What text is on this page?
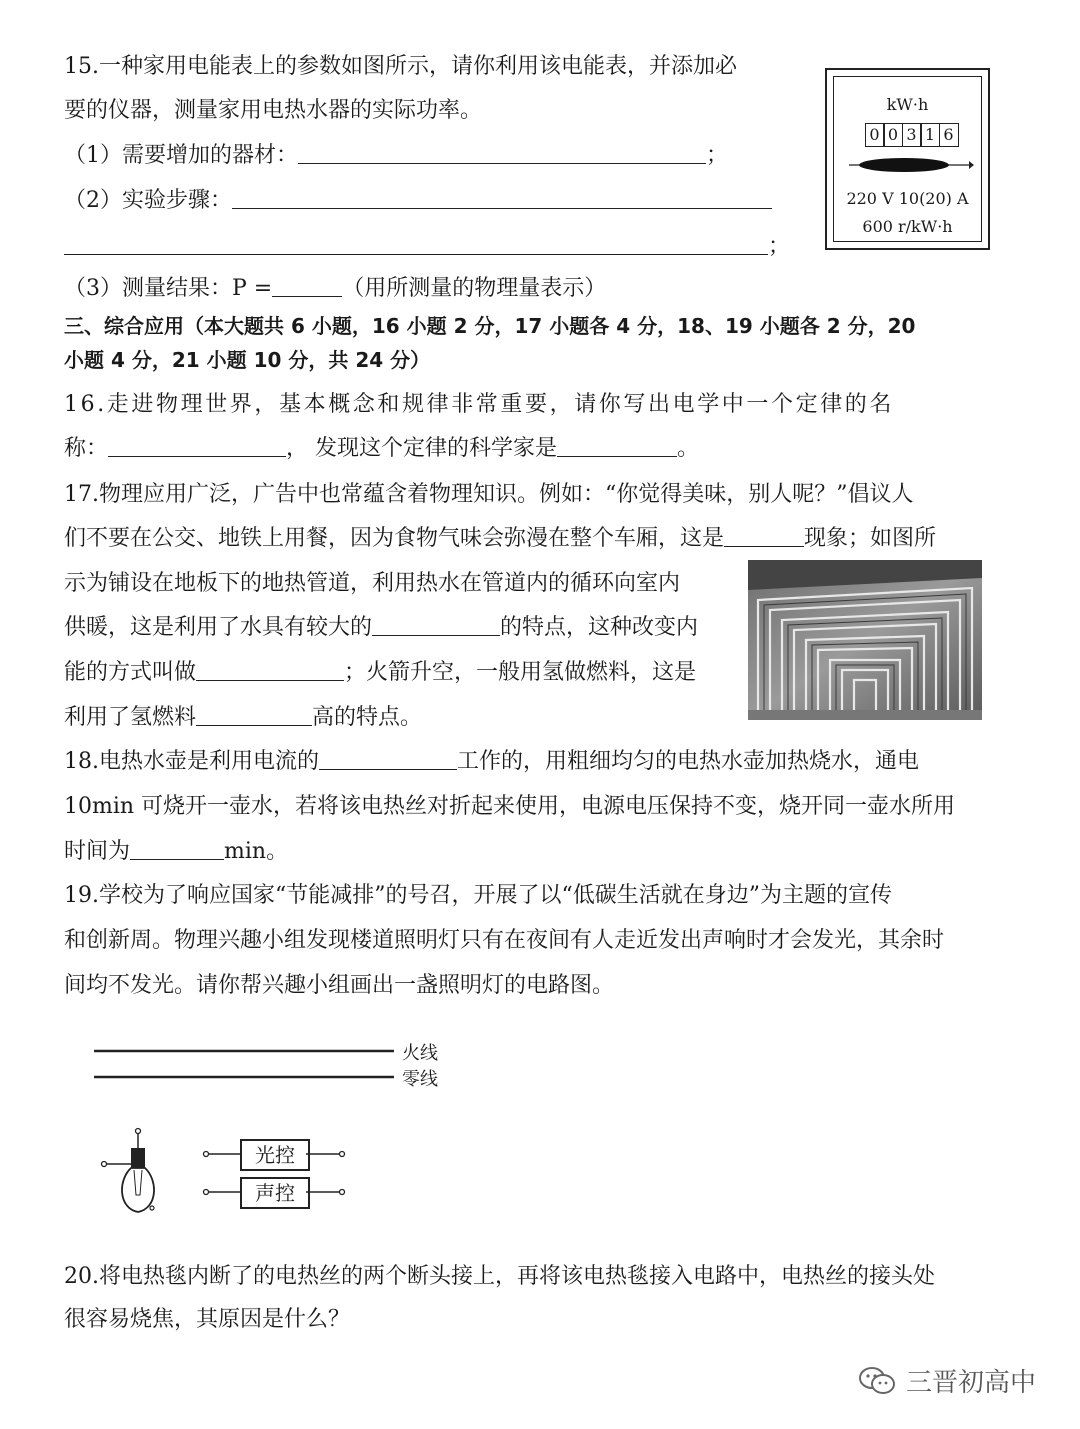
15.一种家用电能表上的参数如图所示，请你利用该电能表，并添加必
要的仪器，测量家用电热水器的实际功率。
（1）需要增加的器材：	；
（2）实验步骤：
；
（3）测量结果：P =	（用所测量的物理量表示）
kW·h
0 0 3 1 6
220 V 10(20) A
600 r/kW·h
三、综合应用（本大题共 6 小题，16 小题 2 分，17 小题各 4 分，18、19 小题各 2 分，20
小题 4 分，21 小题 10 分，共 24 分）
16.走进物理世界，基本概念和规律非常重要，请你写出电学中一个定律的名
称：	， 发现这个定律的科学家是	。
17.物理应用广泛，广告中也常蕴含着物理知识。例如：“你觉得美味，别人呢？”倡议人
们不要在公交、地铁上用餐，因为食物气味会弥漫在整个车厢，这是	现象；如图所
示为铺设在地板下的地热管道，利用热水在管道内的循环向室内
供暖，这是利用了水具有较大的	的特点，这种改变内
能的方式叫做	；火箭升空，一般用氢做燃料，这是
利用了氢燃料	高的特点。
18.电热水壶是利用电流的	工作的，用粗细均匀的电热水壶加热烧水，通电
10min 可烧开一壶水，若将该电热丝对折起来使用，电源电压保持不变，烧开同一壶水所用
时间为	min。
19.学校为了响应国家“节能减排”的号召，开展了以“低碳生活就在身边”为主题的宣传
和创新周。物理兴趣小组发现楼道照明灯只有在夜间有人走近发出声响时才会发光，其余时
间均不发光。请你帮兴趣小组画出一盏照明灯的电路图。
火线
零线
光控
声控
20.将电热毯内断了的电热丝的两个断头接上，再将该电热毯接入电路中，电热丝的接头处
很容易烧焦，其原因是什么？
三晋初高中
